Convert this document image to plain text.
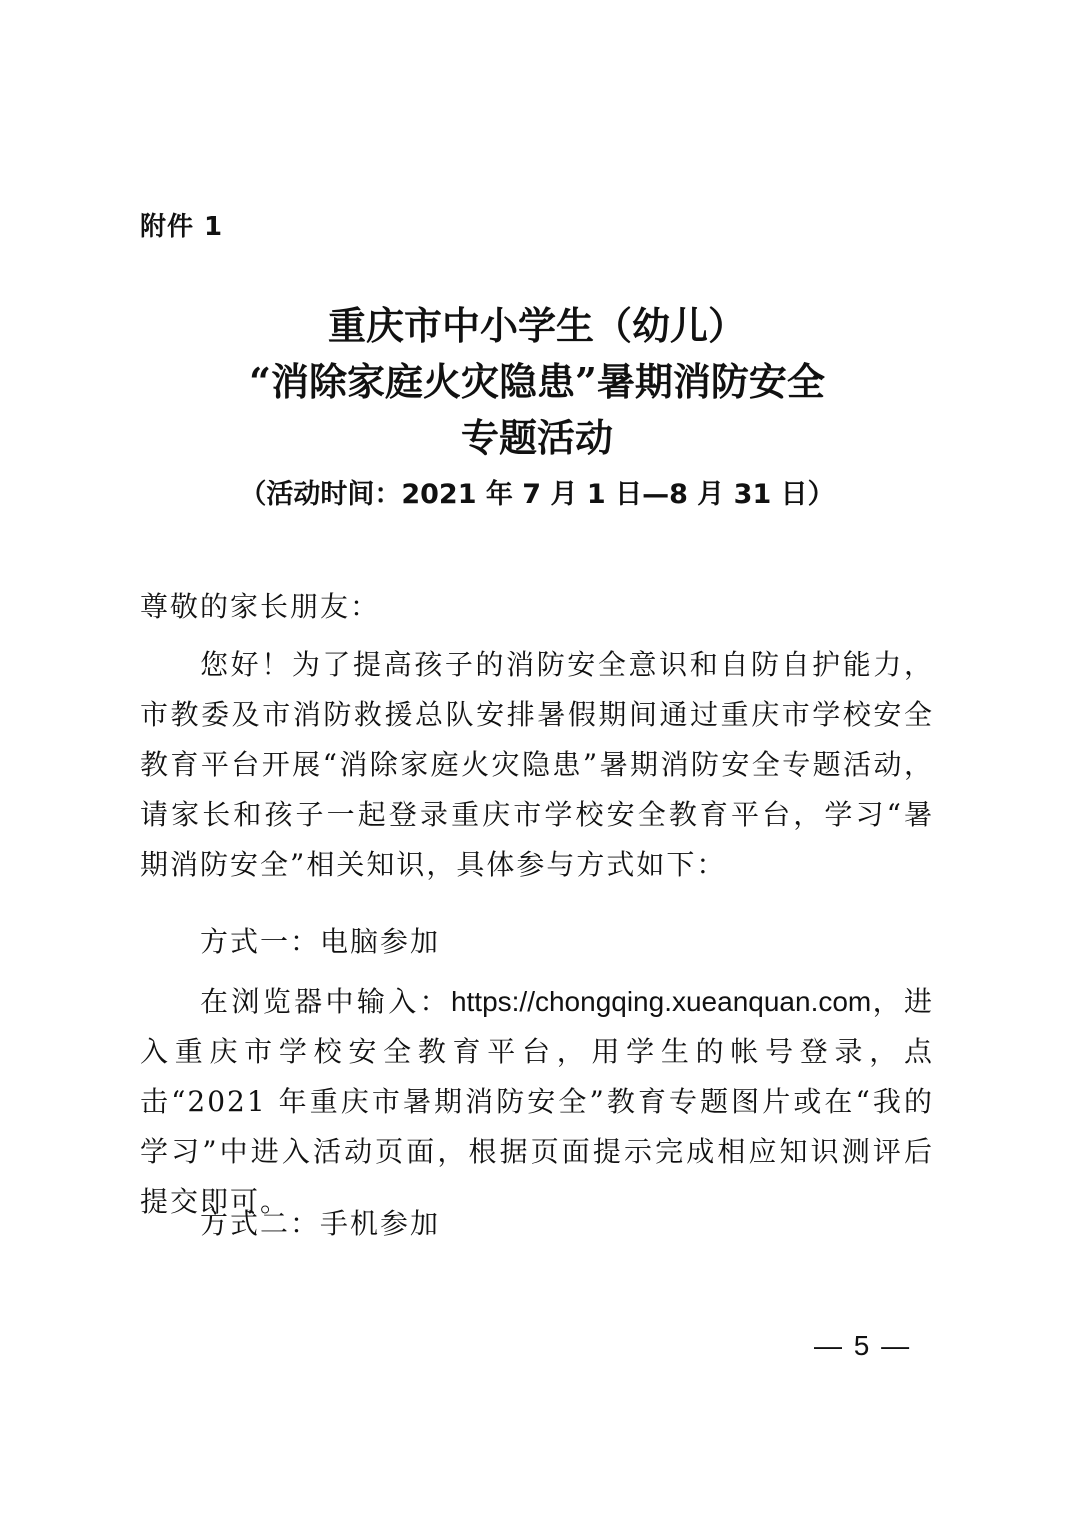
附件 1
重庆市中小学生（幼儿）
“消除家庭火灾隐患”暑期消防安全
专题活动
（活动时间：2021 年 7 月 1 日—8 月 31 日）
尊敬的家长朋友：
您好！为了提高孩子的消防安全意识和自防自护能力，市教委及市消防救援总队安排暑假期间通过重庆市学校安全教育平台开展“消除家庭火灾隐患”暑期消防安全专题活动，请家长和孩子一起登录重庆市学校安全教育平台，学习“暑期消防安全”相关知识，具体参与方式如下：
方式一：电脑参加
在浏览器中输入：https://chongqing.xueanquan.com，进入重庆市学校安全教育平台，用学生的帐号登录，点击“2021 年重庆市暑期消防安全”教育专题图片或在“我的学习”中进入活动页面，根据页面提示完成相应知识测评后提交即可。
方式二：手机参加
— 5 —
